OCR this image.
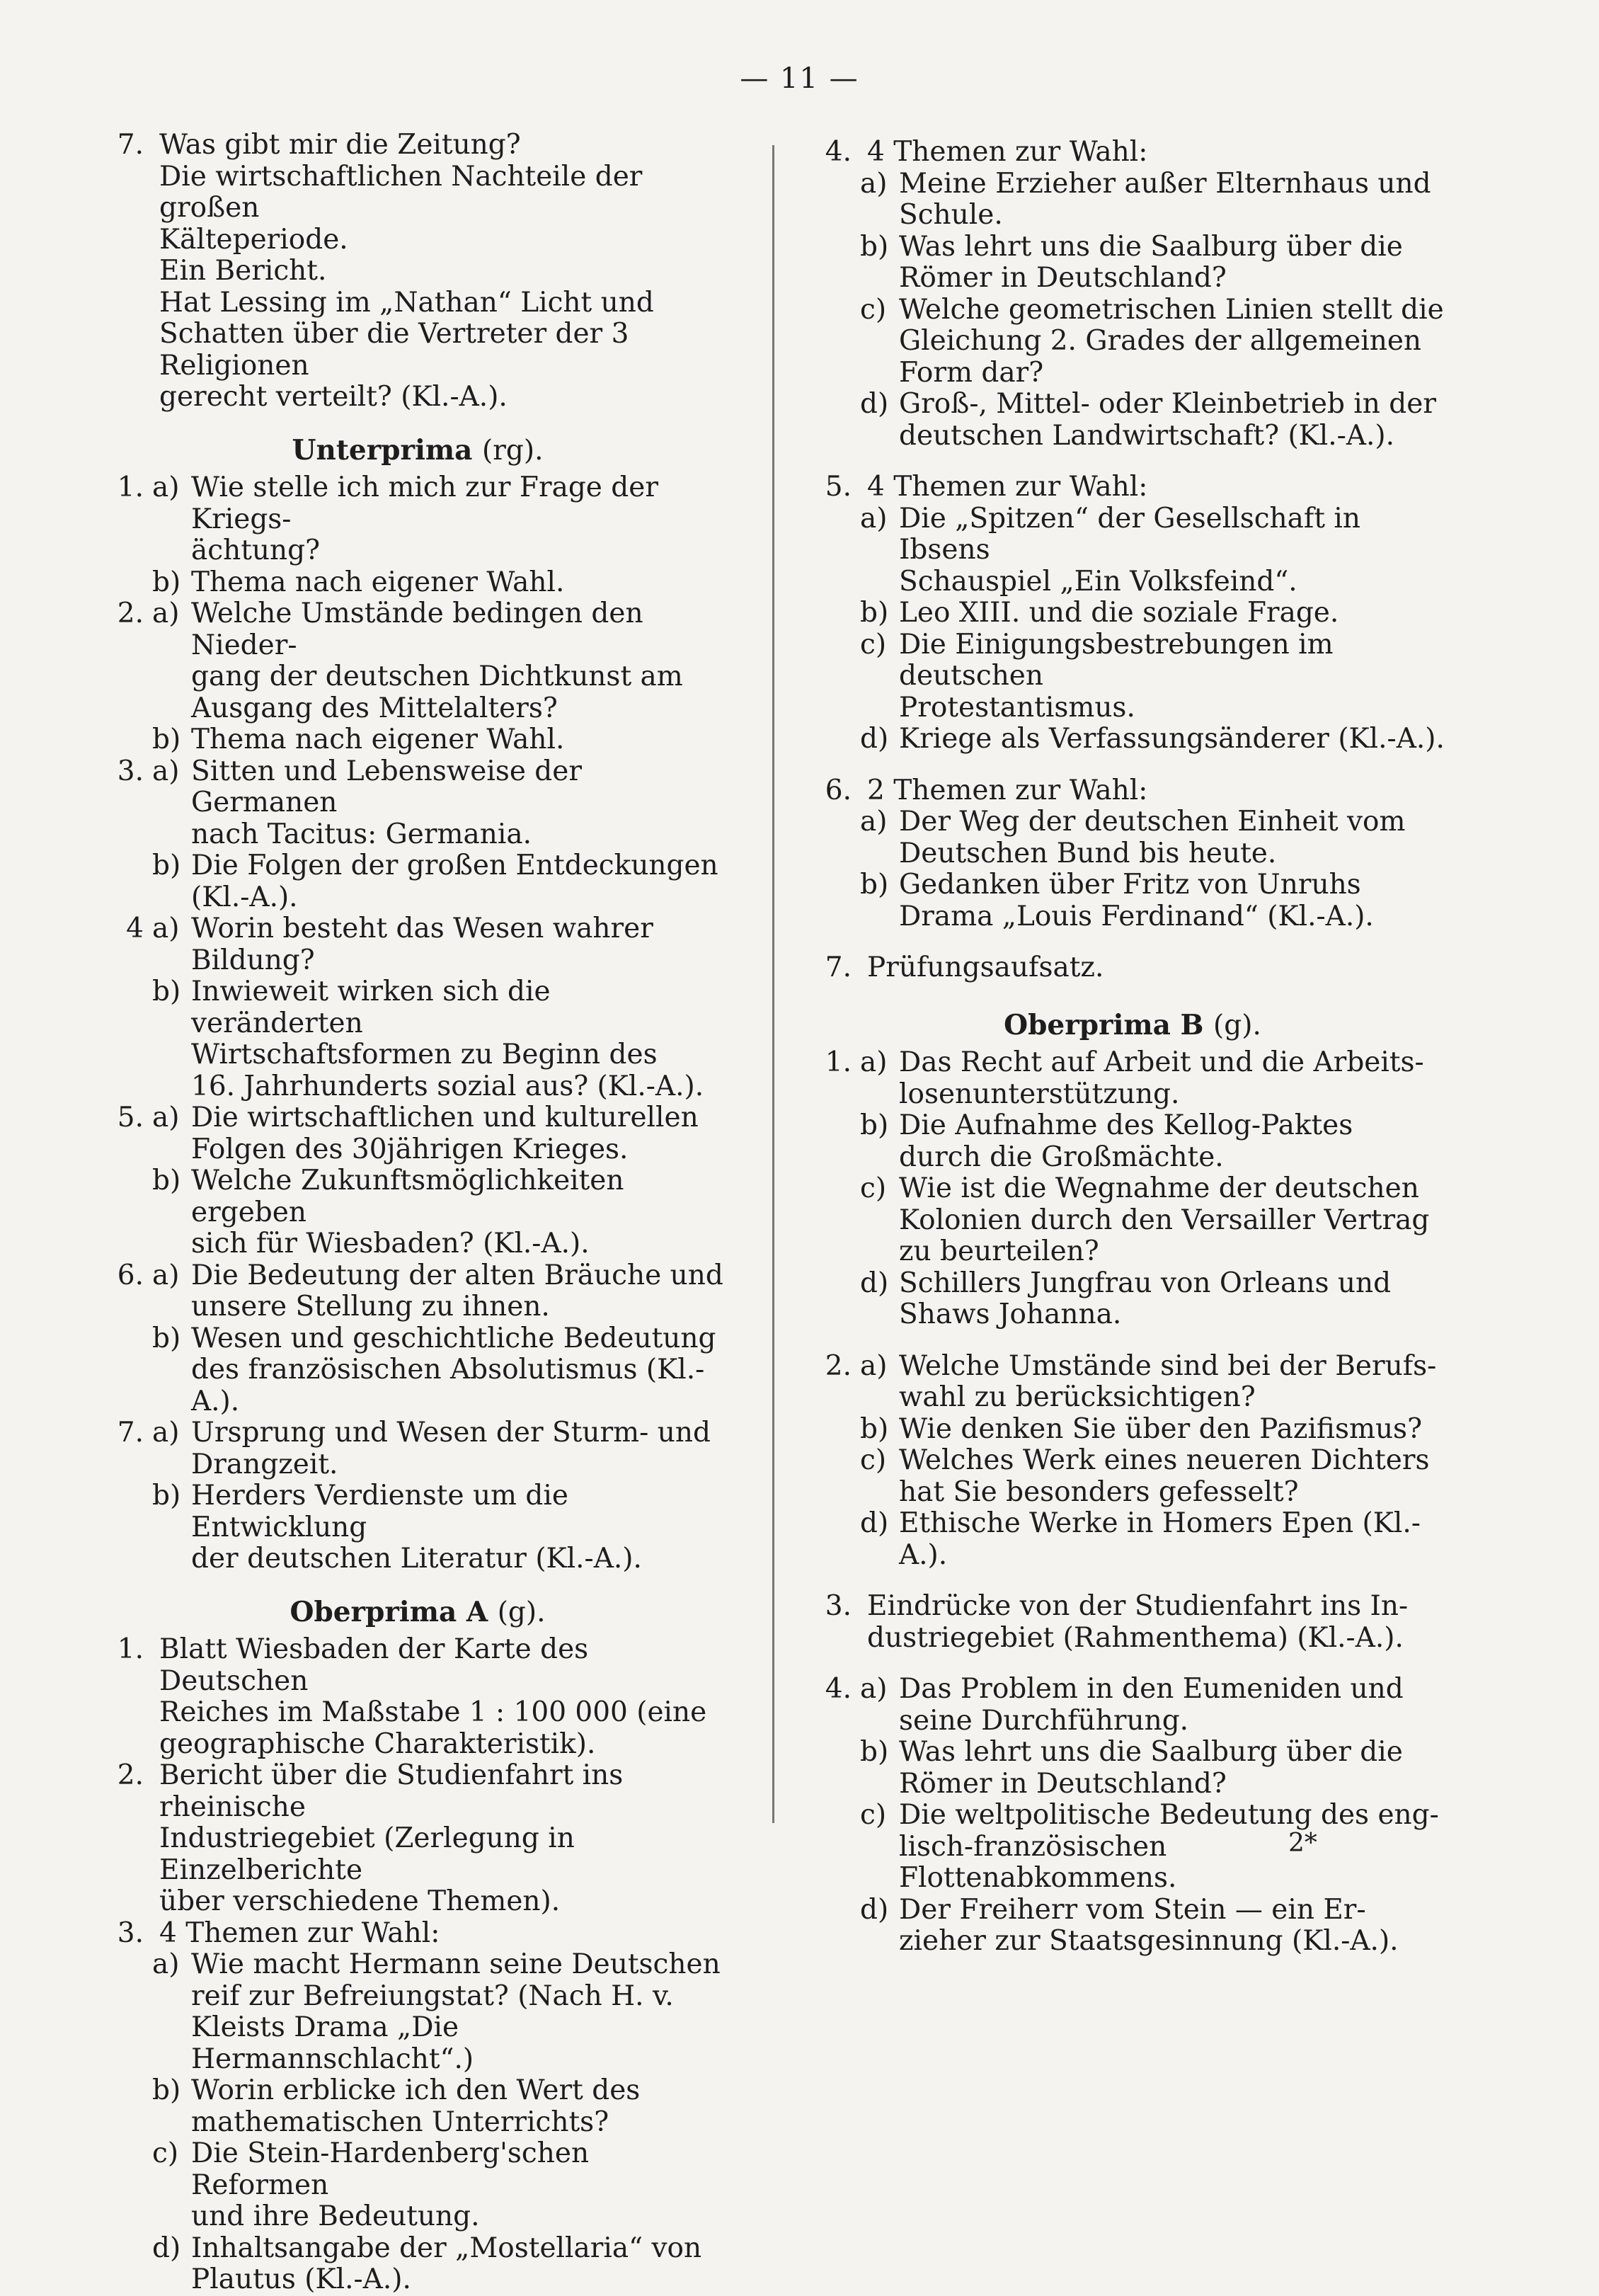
— 11 —
7. Was gibt mir die Zeitung?
Die wirtschaftlichen Nachteile der großen
Kälteperiode.
Ein Bericht.
Hat Lessing im „Nathan“ Licht und
Schatten über die Vertreter der 3 Religionen
gerecht verteilt? (Kl.-A.).
Unterprima (rg).
1. a) Wie stelle ich mich zur Frage der Kriegs-
ächtung?
b) Thema nach eigener Wahl.
2. a) Welche Umstände bedingen den Nieder-
gang der deutschen Dichtkunst am
Ausgang des Mittelalters?
b) Thema nach eigener Wahl.
3. a) Sitten und Lebensweise der Germanen
nach Tacitus: Germania.
b) Die Folgen der großen Entdeckungen
(Kl.-A.).
4 a) Worin besteht das Wesen wahrer Bildung?
b) Inwieweit wirken sich die veränderten
Wirtschaftsformen zu Beginn des
16. Jahrhunderts sozial aus? (Kl.-A.).
5. a) Die wirtschaftlichen und kulturellen
Folgen des 30jährigen Krieges.
b) Welche Zukunftsmöglichkeiten ergeben
sich für Wiesbaden? (Kl.-A.).
6. a) Die Bedeutung der alten Bräuche und
unsere Stellung zu ihnen.
b) Wesen und geschichtliche Bedeutung
des französischen Absolutismus (Kl.-A.).
7. a) Ursprung und Wesen der Sturm- und
Drangzeit.
b) Herders Verdienste um die Entwicklung
der deutschen Literatur (Kl.-A.).
Oberprima A (g).
1. Blatt Wiesbaden der Karte des Deutschen
Reiches im Maßstabe 1 : 100 000 (eine
geographische Charakteristik).
2. Bericht über die Studienfahrt ins rheinische
Industriegebiet (Zerlegung in Einzelberichte
über verschiedene Themen).
3. 4 Themen zur Wahl:
a) Wie macht Hermann seine Deutschen
reif zur Befreiungstat? (Nach H. v.
Kleists Drama „Die Hermannschlacht“.)
b) Worin erblicke ich den Wert des
mathematischen Unterrichts?
c) Die Stein-Hardenberg'schen Reformen
und ihre Bedeutung.
d) Inhaltsangabe der „Mostellaria“ von
Plautus (Kl.-A.).
4. 4 Themen zur Wahl:
a) Meine Erzieher außer Elternhaus und
Schule.
b) Was lehrt uns die Saalburg über die
Römer in Deutschland?
c) Welche geometrischen Linien stellt die
Gleichung 2. Grades der allgemeinen
Form dar?
d) Groß-, Mittel- oder Kleinbetrieb in der
deutschen Landwirtschaft? (Kl.-A.).
5. 4 Themen zur Wahl:
a) Die „Spitzen“ der Gesellschaft in Ibsens
Schauspiel „Ein Volksfeind“.
b) Leo XIII. und die soziale Frage.
c) Die Einigungsbestrebungen im deutschen
Protestantismus.
d) Kriege als Verfassungsänderer (Kl.-A.).
6. 2 Themen zur Wahl:
a) Der Weg der deutschen Einheit vom
Deutschen Bund bis heute.
b) Gedanken über Fritz von Unruhs
Drama „Louis Ferdinand“ (Kl.-A.).
7. Prüfungsaufsatz.
Oberprima B (g).
1. a) Das Recht auf Arbeit und die Arbeits-
losenunterstützung.
b) Die Aufnahme des Kellog-Paktes
durch die Großmächte.
c) Wie ist die Wegnahme der deutschen
Kolonien durch den Versailler Vertrag
zu beurteilen?
d) Schillers Jungfrau von Orleans und
Shaws Johanna.
2. a) Welche Umstände sind bei der Berufs-
wahl zu berücksichtigen?
b) Wie denken Sie über den Pazifismus?
c) Welches Werk eines neueren Dichters
hat Sie besonders gefesselt?
d) Ethische Werke in Homers Epen (Kl.-A.).
3. Eindrücke von der Studienfahrt ins In-
dustriegebiet (Rahmenthema) (Kl.-A.).
4. a) Das Problem in den Eumeniden und
seine Durchführung.
b) Was lehrt uns die Saalburg über die
Römer in Deutschland?
c) Die weltpolitische Bedeutung des eng-
lisch-französischen Flottenabkommens.
d) Der Freiherr vom Stein — ein Er-
zieher zur Staatsgesinnung (Kl.-A.).
2*
